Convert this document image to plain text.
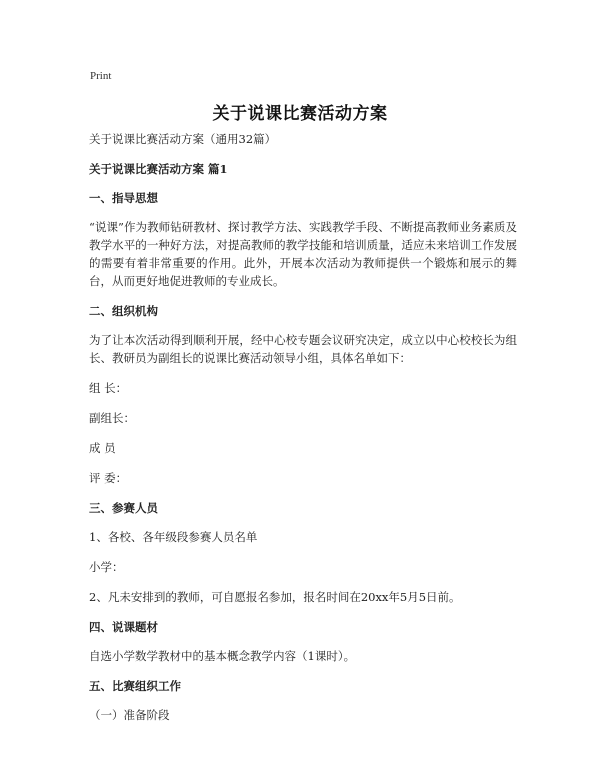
Print
关于说课比赛活动方案

关于说课比赛活动方案（通用32篇）

关于说课比赛活动方案 篇1

一、指导思想

“说课”作为教师钻研教材、探讨教学方法、实践教学手段、不断提高教师业务素质及教学水平的一种好方法，对提高教师的教学技能和培训质量，适应未来培训工作发展的需要有着非常重要的作用。此外，开展本次活动为教师提供一个锻炼和展示的舞台，从而更好地促进教师的专业成长。

二、组织机构

为了让本次活动得到顺利开展，经中心校专题会议研究决定，成立以中心校校长为组长、教研员为副组长的说课比赛活动领导小组，具体名单如下：

组 长：

副组长：

成 员

评 委：

三、参赛人员

1、各校、各年级段参赛人员名单

小学：

2、凡未安排到的教师，可自愿报名参加，报名时间在20xx年5月5日前。

四、说课题材

自选小学数学教材中的基本概念教学内容（1课时）。

五、比赛组织工作

（一）准备阶段
